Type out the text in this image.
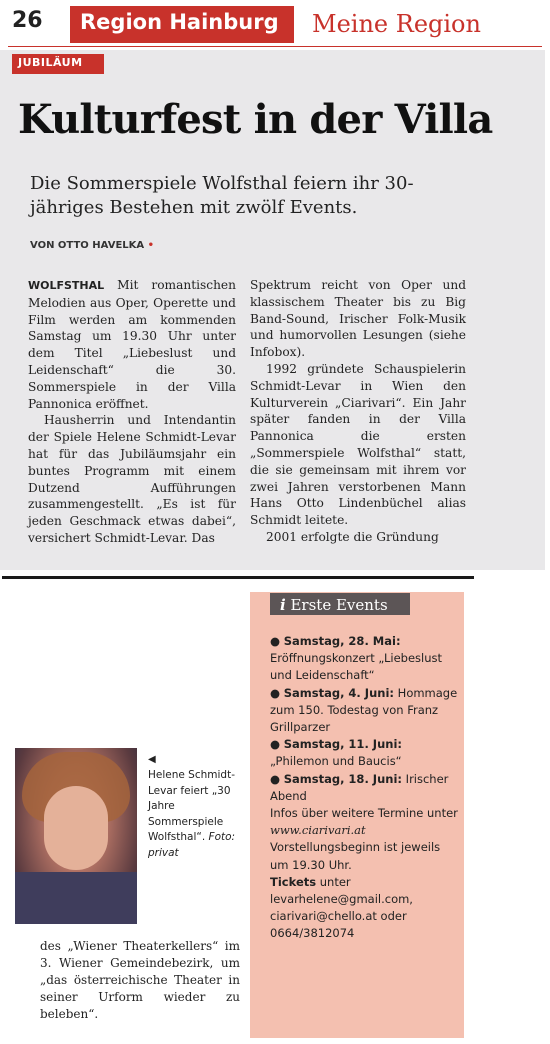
26 Region Hainburg Meine Region
JUBILÄUM
Kulturfest in der Villa
Die Sommerspiele Wolfsthal feiern ihr 30-jähriges Bestehen mit zwölf Events.
VON OTTO HAVELKA •

WOLFSTHAL Mit romantischen Melodien aus Oper, Operette und Film werden am kommenden Samstag um 19.30 Uhr unter dem Titel „Liebeslust und Leidenschaft“ die 30. Sommerspiele in der Villa Pannonica eröffnet.

Hausherrin und Intendantin der Spiele Helene Schmidt-Levar hat für das Jubiläumsjahr ein buntes Programm mit einem Dutzend Aufführungen zusammengestellt. „Es ist für jeden Geschmack etwas dabei“, versichert Schmidt-Levar. Das

Spektrum reicht von Oper und klassischem Theater bis zu Big Band-Sound, Irischer Folk-Musik und humorvollen Lesungen (siehe Infobox).

1992 gründete Schauspielerin Schmidt-Levar in Wien den Kulturverein „Ciarivari“. Ein Jahr später fanden in der Villa Pannonica die ersten „Sommerspiele Wolfsthal“ statt, die sie gemeinsam mit ihrem vor zwei Jahren verstorbenen Mann Hans Otto Lindenbüchel alias Schmidt leitete.

2001 erfolgte die Gründung

◀
Helene Schmidt-Levar feiert „30 Jahre Sommerspiele Wolfsthal“. Foto: privat
des „Wiener Theaterkellers“ im 3. Wiener Gemeindebezirk, um „das österreichische Theater in seiner Urform wieder zu beleben“.
i Erste Events
● Samstag, 28. Mai: Eröffnungskonzert „Liebeslust und Leidenschaft“
● Samstag, 4. Juni: Hommage zum 150. Todestag von Franz Grillparzer
● Samstag, 11. Juni: „Philemon und Baucis“
● Samstag, 18. Juni: Irischer Abend
Infos über weitere Termine unter www.ciarivari.at
Vorstellungsbeginn ist jeweils um 19.30 Uhr.
Tickets unter levarhelene@gmail.com, ciarivari@chello.at oder 0664/3812074
